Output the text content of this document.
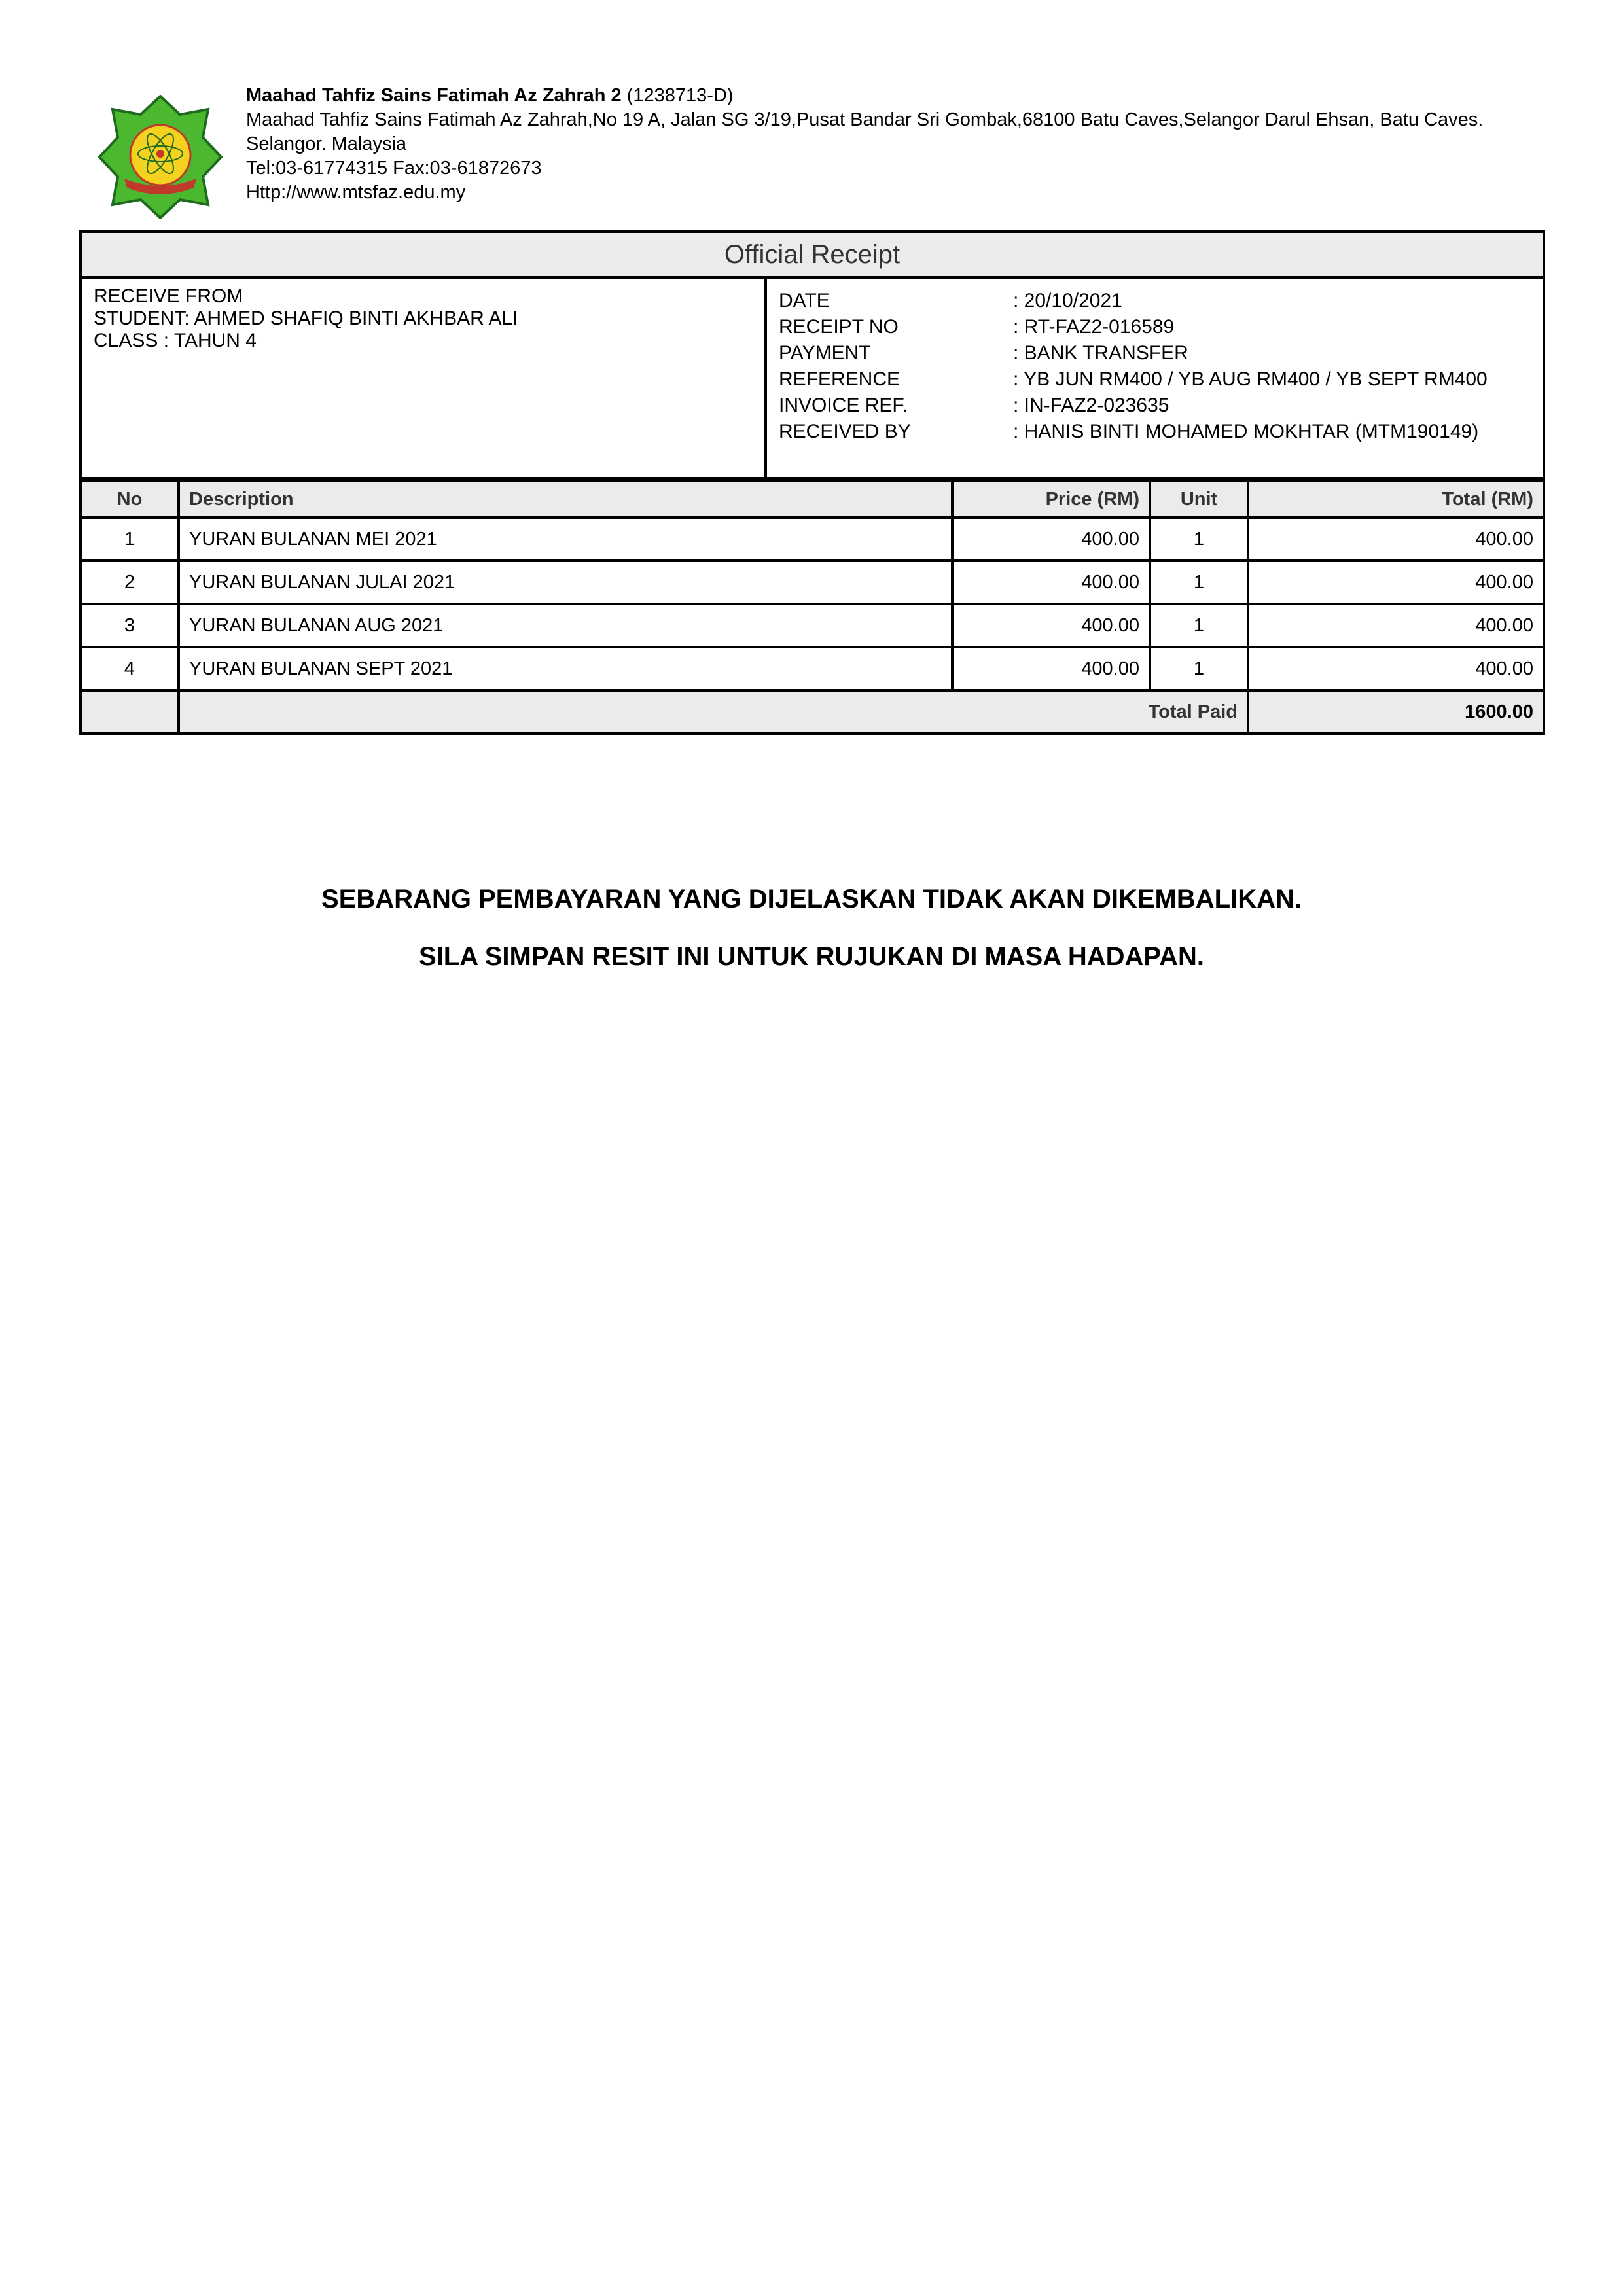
Maahad Tahfiz Sains Fatimah Az Zahrah 2 (1238713-D)
Maahad Tahfiz Sains Fatimah Az Zahrah,No 19 A, Jalan SG 3/19,Pusat Bandar Sri Gombak,68100 Batu Caves,Selangor Darul Ehsan, Batu Caves.
Selangor. Malaysia
Tel:03-61774315 Fax:03-61872673
Http://www.mtsfaz.edu.my
Official Receipt
RECEIVE FROM
STUDENT: AHMED SHAFIQ BINTI AKHBAR ALI
CLASS : TAHUN 4
DATE	: 20/10/2021
RECEIPT NO	: RT-FAZ2-016589
PAYMENT	: BANK TRANSFER
REFERENCE	: YB JUN RM400 / YB AUG RM400 / YB SEPT RM400
INVOICE REF.	: IN-FAZ2-023635
RECEIVED BY	: HANIS BINTI MOHAMED MOKHTAR (MTM190149)
No	Description	Price (RM)	Unit	Total (RM)
1	YURAN BULANAN MEI 2021	400.00	1	400.00
2	YURAN BULANAN JULAI 2021	400.00	1	400.00
3	YURAN BULANAN AUG 2021	400.00	1	400.00
4	YURAN BULANAN SEPT 2021	400.00	1	400.00
	Total Paid			1600.00
SEBARANG PEMBAYARAN YANG DIJELASKAN TIDAK AKAN DIKEMBALIKAN.
SILA SIMPAN RESIT INI UNTUK RUJUKAN DI MASA HADAPAN.
